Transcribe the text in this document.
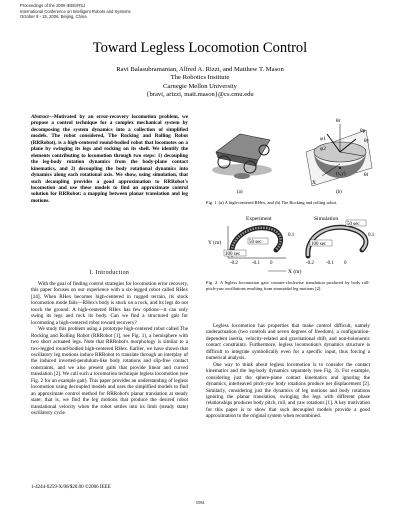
Proceedings of the 2006 IEEE/RSJ
International Conference on Intelligent Robots and Systems
October 9 - 15, 2006, Beijing, China
Toward Legless Locomotion Control
Ravi Balasubramanian, Alfred A. Rizzi, and Matthew T. Mason
The Robotics Institute
Carnegie Mellon University
{bravi, arizzi, matt.mason}@cs.cmu.edu
Abstract—Motivated by an error-recovery locomotion problem, we propose a control technique for a complex mechanical system by decomposing the system dynamics into a collection of simplified models. The robot considered, The Rocking and Rolling Robot (RRRobot), is a high-centered round-bodied robot that locomotes on a plane by swinging its legs and rocking on its shell. We identify the elements contributing to locomotion through two steps: 1) decoupling the leg-body rotation dynamics from the body-plane contact kinematics, and 2) decoupling the body rotational dynamics into dynamics along each rotational axis. We show, using simulation, that such decoupling provides a good approximation to RRRobot's locomotion and use these models to find an approximate control solution for RRRobot: a mapping between planar translation and leg motions.
I. Introduction

With the goal of finding control strategies for locomotion error recovery, this paper focuses on our experience with a six-legged robot called RHex [14]. When RHex becomes high-centered in rugged terrain, its stock locomotion mode fails—RHex's body is stuck on a rock, and its legs do not touch the ground. A high-centered RHex has few options—it can only swing its legs and rock its body. Can we find a structured gait for locomoting a high-centered robot toward recovery?

We study this problem using a prototype high-centered robot called The Rocking and Rolling Robot (RRRobot [1], see Fig. 1), a hemisphere with two short actuated legs. Note that RRRobot's morphology is similar to a two-legged round-bodied high-centered RHex. Earlier, we have shown that oscillatory leg motions induce RRRobot to translate through an interplay of the induced inverted-pendulum-like body rotations and slip-free contact constraints, and we also present gaits that provide linear and curved translation [2]. We call such a locomotion technique legless locomotion (see Fig. 2 for an example gait). This paper provides an understanding of legless locomotion using decoupled models and uses the simplified models to find an approximate control method for RRRobot's planar translation at steady state; that is, we find the leg motions that produce the desired robot translational velocity when the robot settles into its limit (steady state) oscillatory cycle.

θr
θp
θy
φ1
φ2
X
(x,y)	θl
(a)	(b)
Fig. 1. (a) A high-centered RHex, and (b) The Rocking and rolling robot.
Experiment	Simulation
Y (m)	50 sec
100 sec
50 sec
100 sec
0.1	0.1
-0.2	-0.1 0	-0.2 -0.1 0
X (m)
Fig. 2. A legless locomotion gait: counter-clockwise translation produced by body roll-pitch-yaw oscillations resulting from sinusoidal leg motions [2].

Legless locomotion has properties that make control difficult, namely underactuation (two controls and seven degrees of freedom), a configuration-dependent inertia, velocity-related and gravitational drift, and non-holonomic contact constraints. Furthermore, legless locomotion's dynamics structure is difficult to integrate symbolically even for a specific input, thus forcing a numerical analysis.

One way to think about legless locomotion is to consider the contact kinematics and the leg-body dynamics separately (see Fig. 3). For example, considering just the sphere-plane contact kinematics and ignoring the dynamics, interleaved pitch-yaw body rotations produce net displacement [2]. Similarly, considering just the dynamics of leg motions and body rotations ignoring the planar translation, swinging the legs with different phase relationships produces body pitch, roll, and yaw rotations [1]. A key motivation for this paper is to show that such decoupled models provide a good approximation to the original system when recombined.

1-4244-0259-X/06/$20.00 ©2006 IEEE
5594
